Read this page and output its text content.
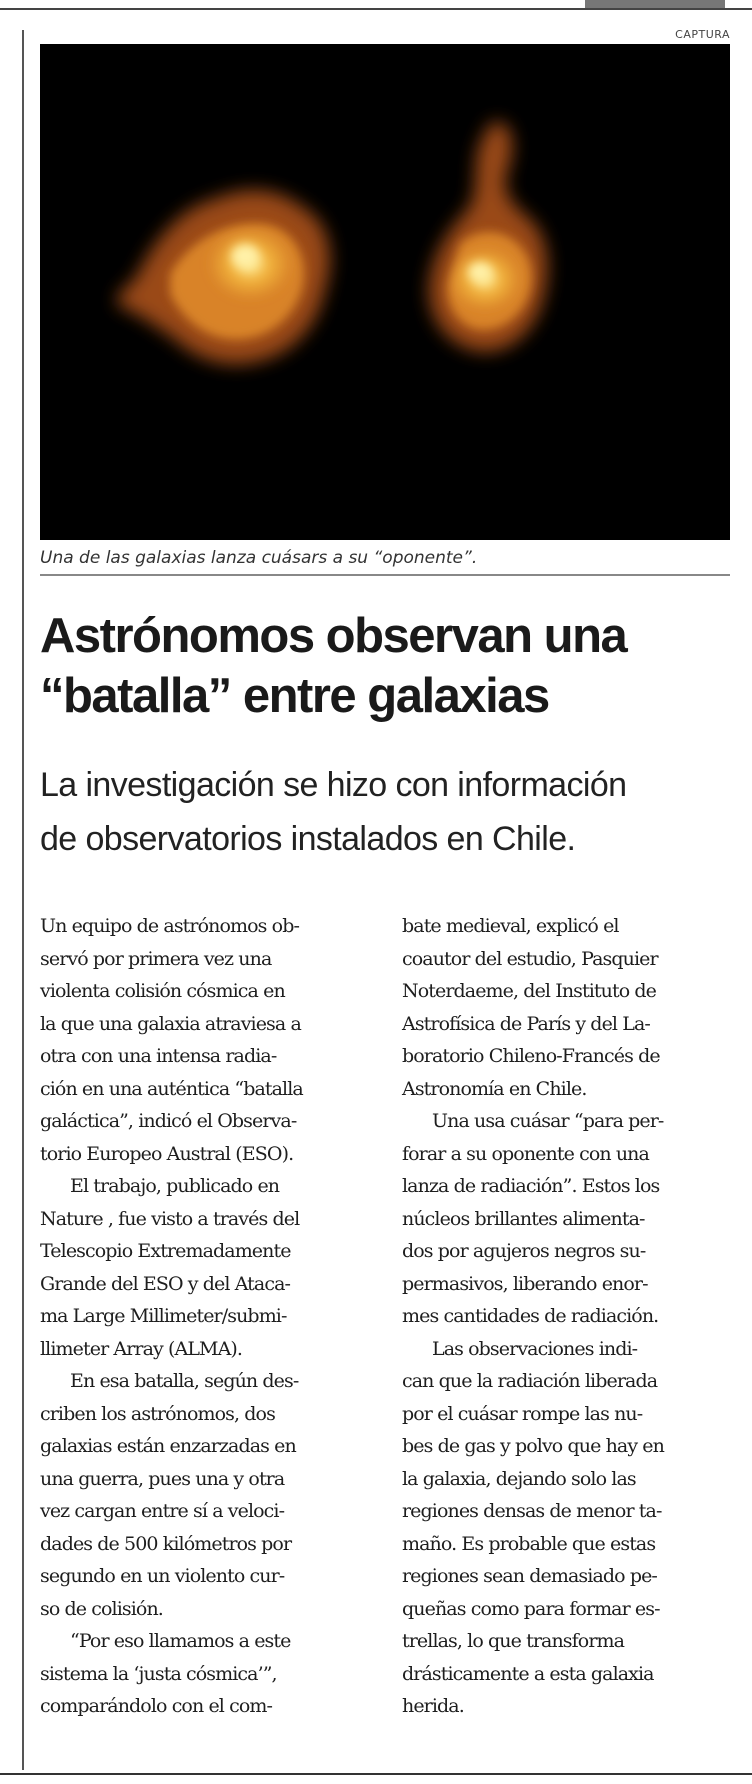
CAPTURA
Una de las galaxias lanza cuásars a su “oponente”.
Astrónomos observan una
“batalla” entre galaxias
La investigación se hizo con información
de observatorios instalados en Chile.
Un equipo de astrónomos ob-
servó por primera vez una
violenta colisión cósmica en
la que una galaxia atraviesa a
otra con una intensa radia-
ción en una auténtica “batalla
galáctica”, indicó el Observa-
torio Europeo Austral (ESO).
El trabajo, publicado en
Nature , fue visto a través del
Telescopio Extremadamente
Grande del ESO y del Ataca-
ma Large Millimeter/submi-
llimeter Array (ALMA).
En esa batalla, según des-
criben los astrónomos, dos
galaxias están enzarzadas en
una guerra, pues una y otra
vez cargan entre sí a veloci-
dades de 500 kilómetros por
segundo en un violento cur-
so de colisión.
“Por eso llamamos a este
sistema la ‘justa cósmica’”,
comparándolo con el com-
bate medieval, explicó el
coautor del estudio, Pasquier
Noterdaeme, del Instituto de
Astrofísica de París y del La-
boratorio Chileno-Francés de
Astronomía en Chile.
Una usa cuásar “para per-
forar a su oponente con una
lanza de radiación”. Estos los
núcleos brillantes alimenta-
dos por agujeros negros su-
permasivos, liberando enor-
mes cantidades de radiación.
Las observaciones indi-
can que la radiación liberada
por el cuásar rompe las nu-
bes de gas y polvo que hay en
la galaxia, dejando solo las
regiones densas de menor ta-
maño. Es probable que estas
regiones sean demasiado pe-
queñas como para formar es-
trellas, lo que transforma
drásticamente a esta galaxia
herida.
